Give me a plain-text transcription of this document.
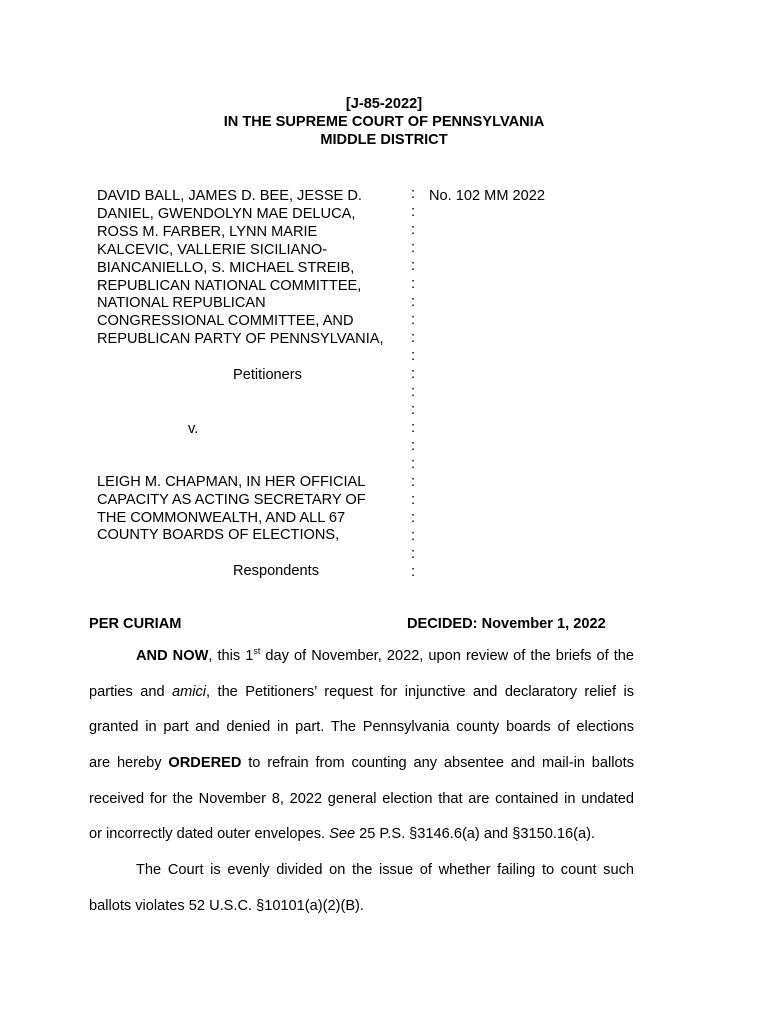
[J-85-2022]
IN THE SUPREME COURT OF PENNSYLVANIA
MIDDLE DISTRICT
DAVID BALL, JAMES D. BEE, JESSE D.
DANIEL, GWENDOLYN MAE DELUCA,
ROSS M. FARBER, LYNN MARIE
KALCEVIC, VALLERIE SICILIANO-
BIANCANIELLO, S. MICHAEL STREIB,
REPUBLICAN NATIONAL COMMITTEE,
NATIONAL REPUBLICAN
CONGRESSIONAL COMMITTEE, AND
REPUBLICAN PARTY OF PENNSYLVANIA,
Petitioners
v.
LEIGH M. CHAPMAN, IN HER OFFICIAL
CAPACITY AS ACTING SECRETARY OF
THE COMMONWEALTH, AND ALL 67
COUNTY BOARDS OF ELECTIONS,
Respondents
:
:
:
:
:
:
:
:
:
:
:
:
:
:
:
:
:
:
:
:
:
:
No. 102 MM 2022
PER CURIAM	DECIDED: November 1, 2022
AND NOW, this 1st day of November, 2022, upon review of the briefs of the
parties and amici, the Petitioners’ request for injunctive and declaratory relief is
granted in part and denied in part. The Pennsylvania county boards of elections
are hereby ORDERED to refrain from counting any absentee and mail-in ballots
received for the November 8, 2022 general election that are contained in undated
or incorrectly dated outer envelopes. See 25 P.S. §3146.6(a) and §3150.16(a).
The Court is evenly divided on the issue of whether failing to count such
ballots violates 52 U.S.C. §10101(a)(2)(B).
